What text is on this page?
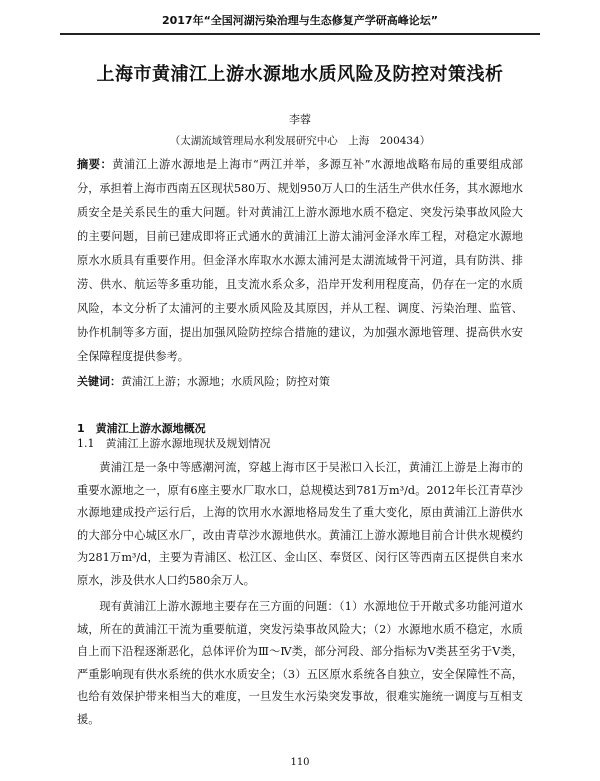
2017年“全国河湖污染治理与生态修复产学研高峰论坛”
上海市黄浦江上游水源地水质风险及防控对策浅析
李蓉
（太湖流域管理局水利发展研究中心　上海　200434）

摘要：黄浦江上游水源地是上海市“两江并举，多源互补”水源地战略布局的重要组成部分，承担着上海市西南五区现状580万、规划950万人口的生活生产供水任务，其水源地水质安全是关系民生的重大问题。针对黄浦江上游水源地水质不稳定、突发污染事故风险大的主要问题，目前已建成即将正式通水的黄浦江上游太浦河金泽水库工程，对稳定水源地原水水质具有重要作用。但金泽水库取水水源太浦河是太湖流域骨干河道，具有防洪、排涝、供水、航运等多重功能，且支流水系众多，沿岸开发利用程度高，仍存在一定的水质风险，本文分析了太浦河的主要水质风险及其原因，并从工程、调度、污染治理、监管、协作机制等多方面，提出加强风险防控综合措施的建议，为加强水源地管理、提高供水安全保障程度提供参考。

关键词：黄浦江上游；水源地；水质风险；防控对策
1　黄浦江上游水源地概况
1.1　黄浦江上游水源地现状及规划情况

黄浦江是一条中等感潮河流，穿越上海市区于吴淞口入长江，黄浦江上游是上海市的重要水源地之一，原有6座主要水厂取水口，总规模达到781万m³/d。2012年长江青草沙水源地建成投产运行后，上海的饮用水水源地格局发生了重大变化，原由黄浦江上游供水的大部分中心城区水厂，改由青草沙水源地供水。黄浦江上游水源地目前合计供水规模约为281万m³/d，主要为青浦区、松江区、金山区、奉贤区、闵行区等西南五区提供自来水原水，涉及供水人口约580余万人。

现有黄浦江上游水源地主要存在三方面的问题：（1）水源地位于开敞式多功能河道水域，所在的黄浦江干流为重要航道，突发污染事故风险大；（2）水源地水质不稳定，水质自上而下沿程逐渐恶化，总体评价为Ⅲ～Ⅳ类，部分河段、部分指标为Ⅴ类甚至劣于Ⅴ类，严重影响现有供水系统的供水水质安全；（3）五区原水系统各自独立，安全保障性不高，也给有效保护带来相当大的难度，一旦发生水污染突发事故，很难实施统一调度与互相支援。

110
